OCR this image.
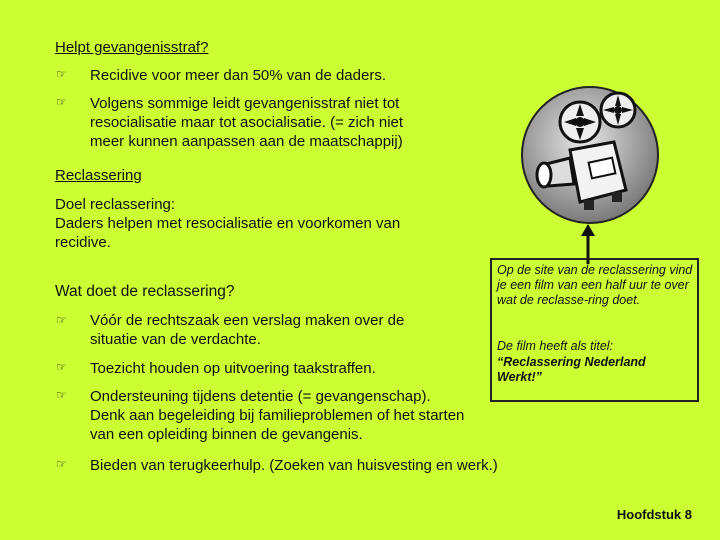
Helpt gevangenisstraf?
☞ Recidive voor meer dan 50% van de daders.
☞ Volgens sommige leidt gevangenisstraf niet tot resocialisatie maar tot asocialisatie. (= zich niet meer kunnen aanpassen aan de maatschappij)
Reclassering
Doel reclassering:
Daders helpen met resocialisatie en voorkomen van recidive.
Wat doet de reclassering?
☞ Vóór de rechtszaak een verslag maken over de situatie van de verdachte.
☞ Toezicht houden op uitvoering taakstraffen.
☞ Ondersteuning tijdens detentie (= gevangenschap). Denk aan begeleiding bij familieproblemen of het starten van een opleiding binnen de gevangenis.
☞ Bieden van terugkeerhulp. (Zoeken van huisvesting en werk.)
Op de site van de reclassering vind je een film van een half uur te over wat de reclasse-ring doet.
De film heeft als titel:
“Reclassering Nederland Werkt!”
Hoofdstuk 8
